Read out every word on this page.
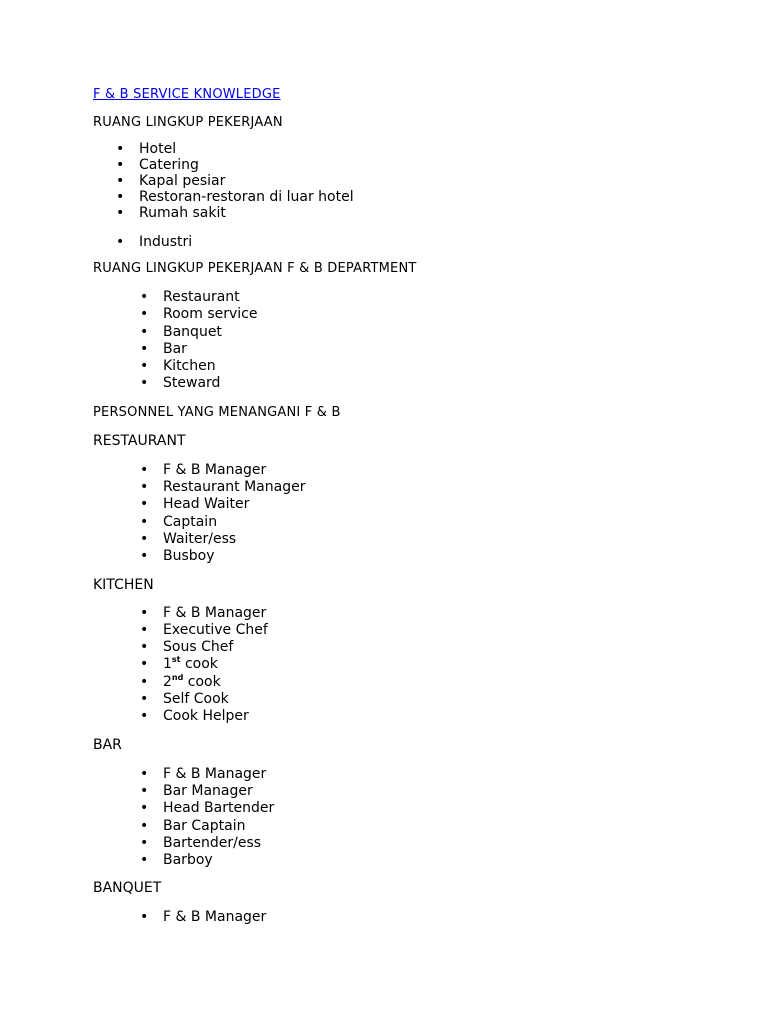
F & B SERVICE KNOWLEDGE
RUANG LINGKUP PEKERJAAN
• Hotel
• Catering
• Kapal pesiar
• Restoran-restoran di luar hotel
• Rumah sakit
• Industri
RUANG LINGKUP PEKERJAAN F & B DEPARTMENT
• Restaurant
• Room service
• Banquet
• Bar
• Kitchen
• Steward
PERSONNEL YANG MENANGANI F & B
RESTAURANT
• F & B Manager
• Restaurant Manager
• Head Waiter
• Captain
• Waiter/ess
• Busboy
KITCHEN
• F & B Manager
• Executive Chef
• Sous Chef
• 1st cook
• 2nd cook
• Self Cook
• Cook Helper
BAR
• F & B Manager
• Bar Manager
• Head Bartender
• Bar Captain
• Bartender/ess
• Barboy
BANQUET
• F & B Manager
